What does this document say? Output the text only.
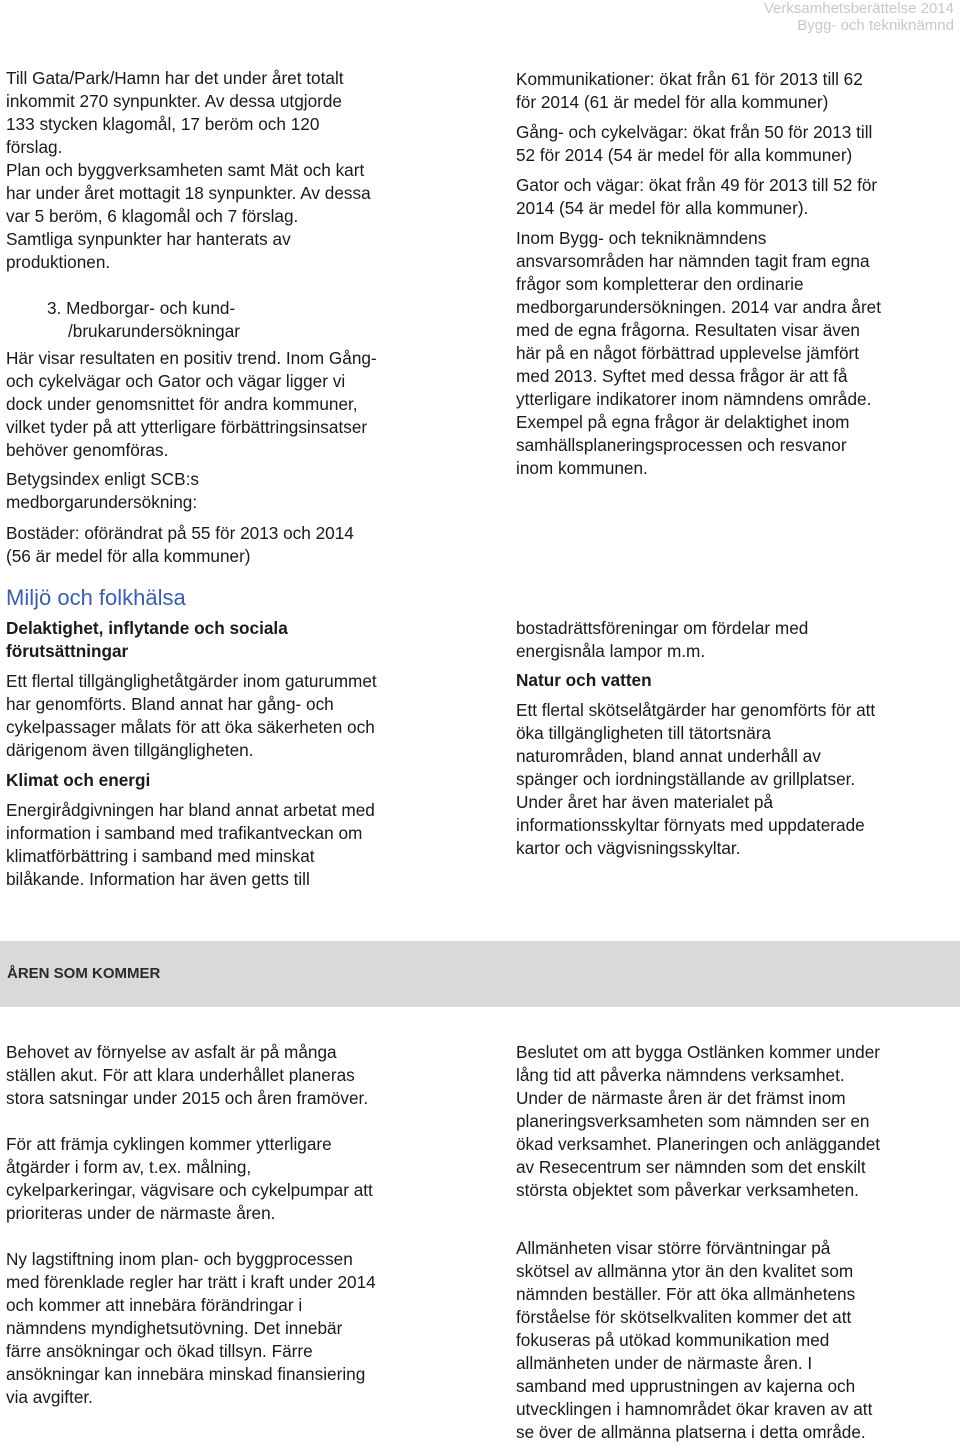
Verksamhetsberättelse 2014
Bygg- och tekniknämnd

Till Gata/Park/Hamn har det under året totalt
inkommit 270 synpunkter. Av dessa utgjorde
133 stycken klagomål, 17 beröm och 120
förslag.

Plan och byggverksamheten samt Mät och kart
har under året mottagit 18 synpunkter. Av dessa
var 5 beröm, 6 klagomål och 7 förslag.
Samtliga synpunkter har hanterats av
produktionen.

3. Medborgar- och kund-
/brukarundersökningar

Här visar resultaten en positiv trend. Inom Gång-
och cykelvägar och Gator och vägar ligger vi
dock under genomsnittet för andra kommuner,
vilket tyder på att ytterligare förbättringsinsatser
behöver genomföras.

Betygsindex enligt SCB:s
medborgarundersökning:

Bostäder: oförändrat på 55 för 2013 och 2014
(56 är medel för alla kommuner)

Kommunikationer: ökat från 61 för 2013 till 62
för 2014 (61 är medel för alla kommuner)

Gång- och cykelvägar: ökat från 50 för 2013 till
52 för 2014 (54 är medel för alla kommuner)

Gator och vägar: ökat från 49 för 2013 till 52 för
2014 (54 är medel för alla kommuner).

Inom Bygg- och tekniknämndens
ansvarsområden har nämnden tagit fram egna
frågor som kompletterar den ordinarie
medborgarundersökningen. 2014 var andra året
med de egna frågorna. Resultaten visar även
här på en något förbättrad upplevelse jämfört
med 2013. Syftet med dessa frågor är att få
ytterligare indikatorer inom nämndens område.
Exempel på egna frågor är delaktighet inom
samhällsplaneringsprocessen och resvanor
inom kommunen.

Miljö och folkhälsa

Delaktighet, inflytande och sociala
förutsättningar

Ett flertal tillgänglighetåtgärder inom gaturummet
har genomförts. Bland annat har gång- och
cykelpassager målats för att öka säkerheten och
därigenom även tillgängligheten.

Klimat och energi

Energirådgivningen har bland annat arbetat med
information i samband med trafikantveckan om
klimatförbättring i samband med minskat
bilåkande. Information har även getts till

bostadrättsföreningar om fördelar med
energisnåla lampor m.m.

Natur och vatten

Ett flertal skötselåtgärder har genomförts för att
öka tillgängligheten till tätortsnära
naturområden, bland annat underhåll av
spänger och iordningställande av grillplatser.
Under året har även materialet på
informationsskyltar förnyats med uppdaterade
kartor och vägvisningsskyltar.

ÅREN SOM KOMMER

Behovet av förnyelse av asfalt är på många
ställen akut. För att klara underhållet planeras
stora satsningar under 2015 och åren framöver.

För att främja cyklingen kommer ytterligare
åtgärder i form av, t.ex. målning,
cykelparkeringar, vägvisare och cykelpumpar att
prioriteras under de närmaste åren.

Ny lagstiftning inom plan- och byggprocessen
med förenklade regler har trätt i kraft under 2014
och kommer att innebära förändringar i
nämndens myndighetsutövning. Det innebär
färre ansökningar och ökad tillsyn. Färre
ansökningar kan innebära minskad finansiering
via avgifter.

Beslutet om att bygga Ostlänken kommer under
lång tid att påverka nämndens verksamhet.
Under de närmaste åren är det främst inom
planeringsverksamheten som nämnden ser en
ökad verksamhet. Planeringen och anläggandet
av Resecentrum ser nämnden som det enskilt
största objektet som påverkar verksamheten.

Allmänheten visar större förväntningar på
skötsel av allmänna ytor än den kvalitet som
nämnden beställer. För att öka allmänhetens
förståelse för skötselkvaliten kommer det att
fokuseras på utökad kommunikation med
allmänheten under de närmaste åren. I
samband med upprustningen av kajerna och
utvecklingen i hamnområdet ökar kraven av att
se över de allmänna platserna i detta område.
